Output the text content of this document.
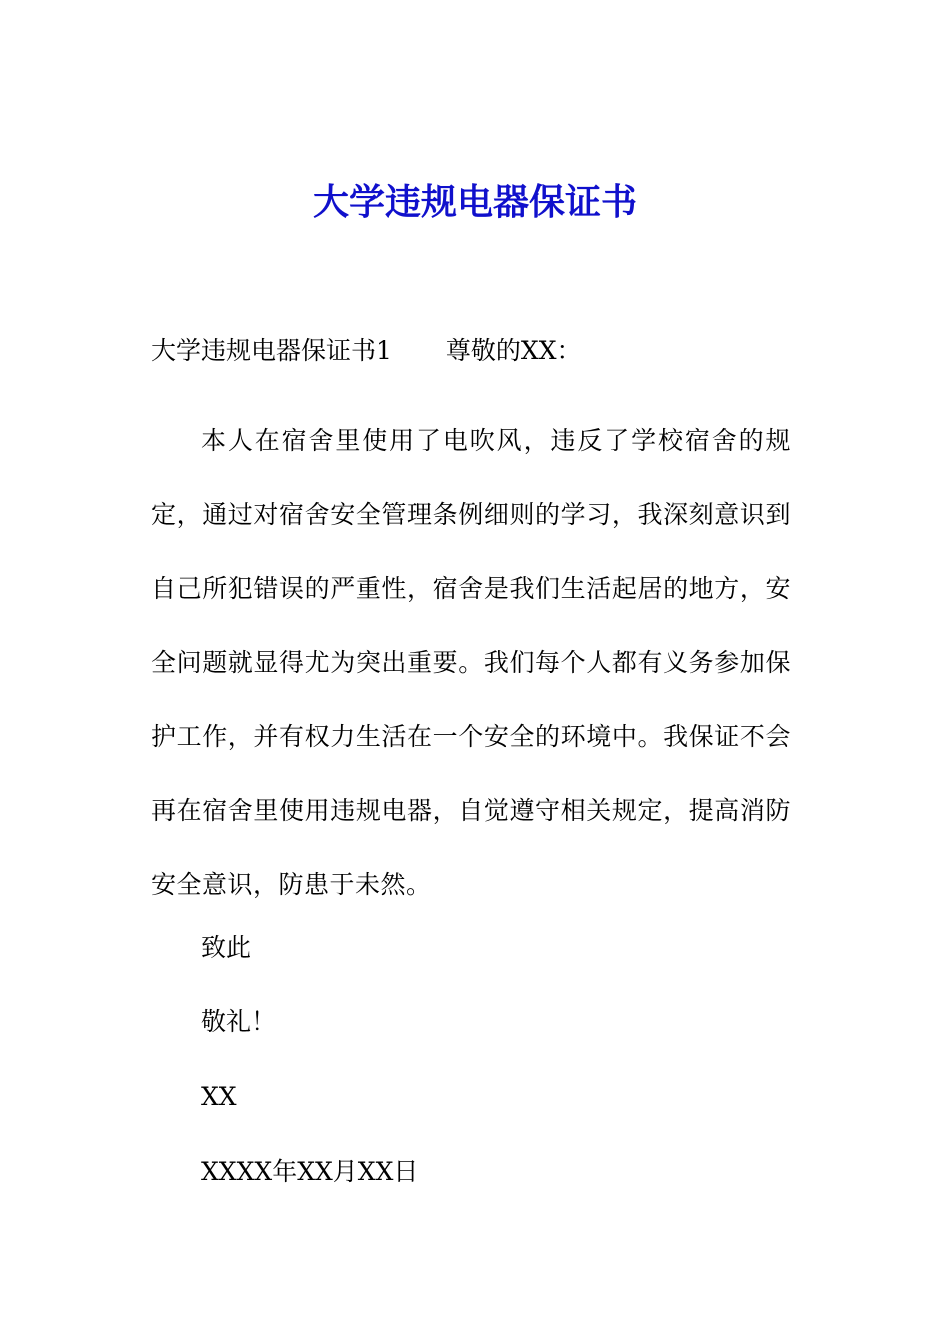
大学违规电器保证书
大学违规电器保证书1 尊敬的XX：

本人在宿舍里使用了电吹风，违反了学校宿舍的规定，通过对宿舍安全管理条例细则的学习，我深刻意识到自己所犯错误的严重性，宿舍是我们生活起居的地方，安全问题就显得尤为突出重要。我们每个人都有义务参加保护工作，并有权力生活在一个安全的环境中。我保证不会再在宿舍里使用违规电器，自觉遵守相关规定，提高消防安全意识，防患于未然。

致此

敬礼！

XX

XXXX年XX月XX日
